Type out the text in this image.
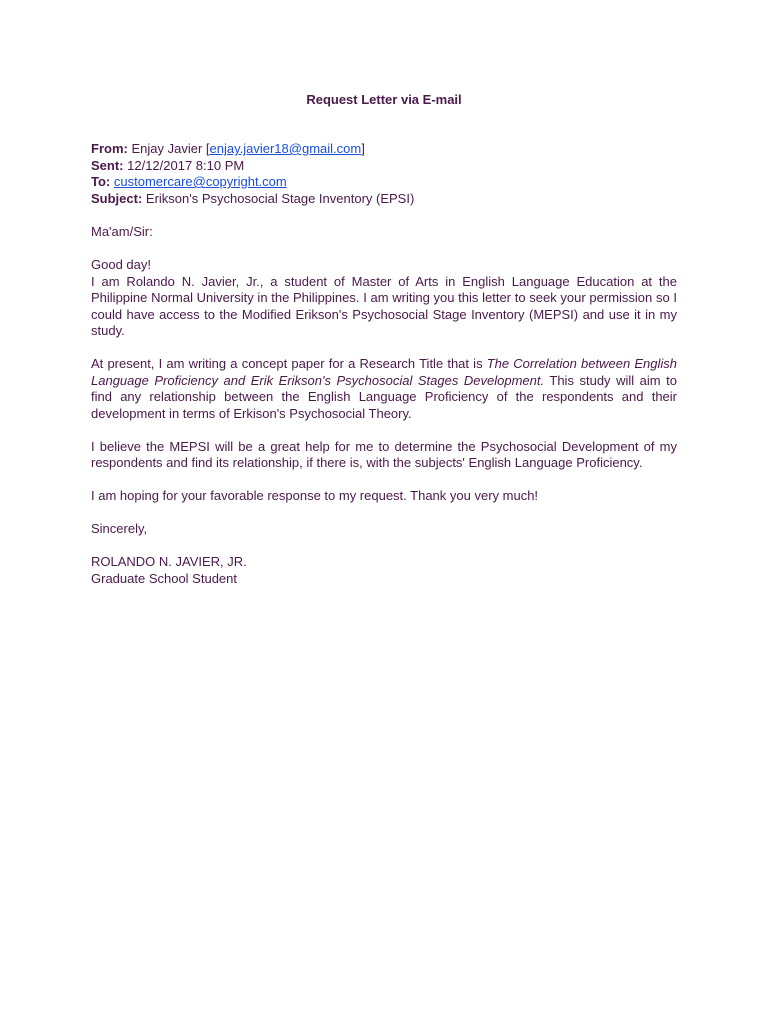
Request Letter via E-mail
From: Enjay Javier [enjay.javier18@gmail.com]
Sent: 12/12/2017 8:10 PM
To: customercare@copyright.com
Subject: Erikson's Psychosocial Stage Inventory (EPSI)

Ma'am/Sir:

Good day!

I am Rolando N. Javier, Jr., a student of Master of Arts in English Language Education at the Philippine Normal University in the Philippines. I am writing you this letter to seek your permission so I could have access to the Modified Erikson's Psychosocial Stage Inventory (MEPSI) and use it in my study.

At present, I am writing a concept paper for a Research Title that is The Correlation between English Language Proficiency and Erik Erikson's Psychosocial Stages Development. This study will aim to find any relationship between the English Language Proficiency of the respondents and their development in terms of Erkison's Psychosocial Theory.

I believe the MEPSI will be a great help for me to determine the Psychosocial Development of my respondents and find its relationship, if there is, with the subjects' English Language Proficiency.

I am hoping for your favorable response to my request. Thank you very much!

Sincerely,

ROLANDO N. JAVIER, JR.

Graduate School Student
